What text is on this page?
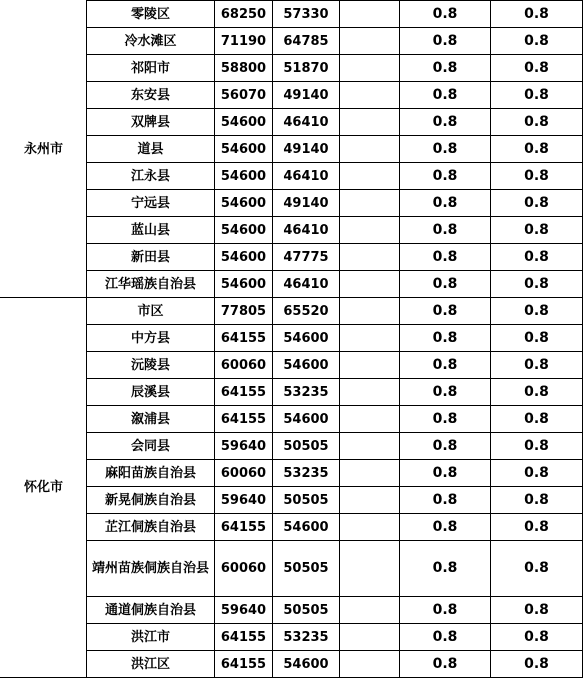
永州市	零陵区	68250	57330		0.8	0.8
	冷水滩区	71190	64785		0.8	0.8
	祁阳市	58800	51870		0.8	0.8
	东安县	56070	49140		0.8	0.8
	双牌县	54600	46410		0.8	0.8
	道县	54600	49140		0.8	0.8
	江永县	54600	46410		0.8	0.8
	宁远县	54600	49140		0.8	0.8
	蓝山县	54600	46410		0.8	0.8
	新田县	54600	47775		0.8	0.8
	江华瑶族自治县	54600	46410		0.8	0.8
怀化市	市区	77805	65520		0.8	0.8
	中方县	64155	54600		0.8	0.8
	沅陵县	60060	54600		0.8	0.8
	辰溪县	64155	53235		0.8	0.8
	溆浦县	64155	54600		0.8	0.8
	会同县	59640	50505		0.8	0.8
	麻阳苗族自治县	60060	53235		0.8	0.8
	新晃侗族自治县	59640	50505		0.8	0.8
	芷江侗族自治县	64155	54600		0.8	0.8
	靖州苗族侗族自治县	60060	50505		0.8	0.8
	通道侗族自治县	59640	50505		0.8	0.8
	洪江市	64155	53235		0.8	0.8
	洪江区	64155	54600		0.8	0.8
